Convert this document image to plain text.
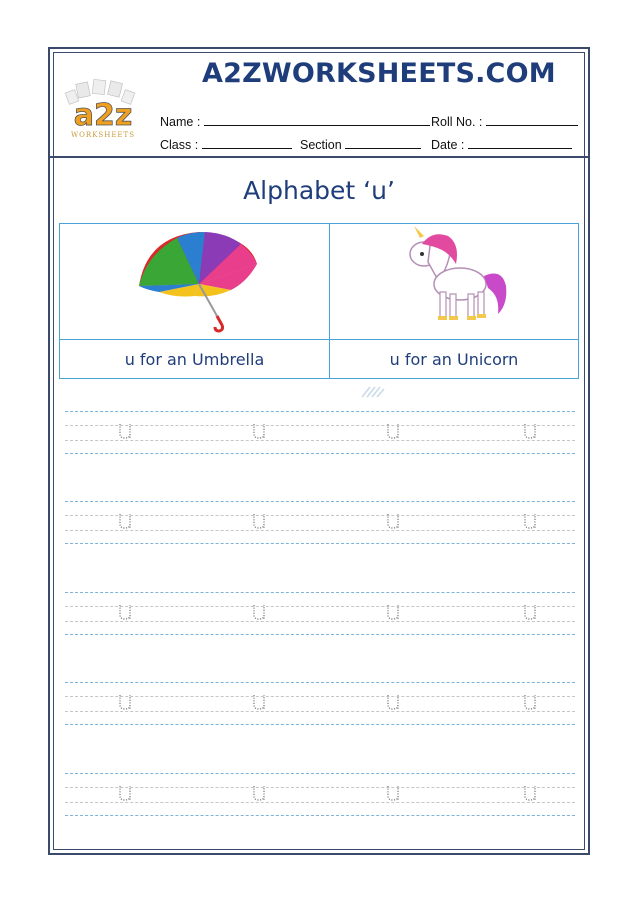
a2z
WORKSHEETS
A2ZWORKSHEETS.COM
Name :	Roll No. :
Class :	Section	Date :
Alphabet ‘u’

u for an Umbrella	u for an Unicorn
